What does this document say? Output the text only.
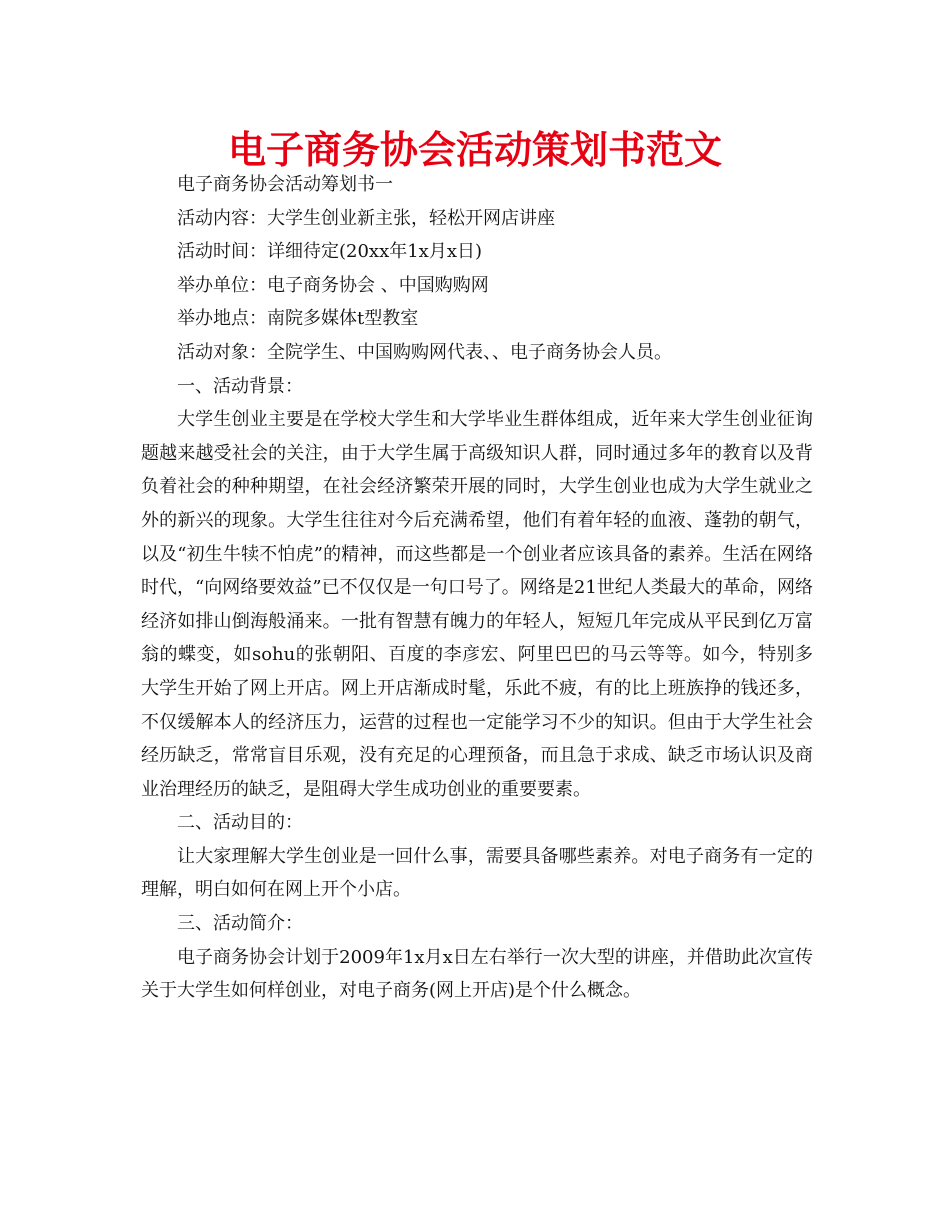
电子商务协会活动策划书范文
电子商务协会活动筹划书一
活动内容：大学生创业新主张，轻松开网店讲座
活动时间：详细待定(20xx年1x月x日)
举办单位：电子商务协会 、中国购购网
举办地点：南院多媒体t型教室
活动对象：全院学生、中国购购网代表、、电子商务协会人员。
一、活动背景：
大学生创业主要是在学校大学生和大学毕业生群体组成，近年来大学生创业征询题越来越受社会的关注，由于大学生属于高级知识人群，同时通过多年的教育以及背负着社会的种种期望，在社会经济繁荣开展的同时，大学生创业也成为大学生就业之外的新兴的现象。大学生往往对今后充满希望，他们有着年轻的血液、蓬勃的朝气，以及“初生牛犊不怕虎”的精神，而这些都是一个创业者应该具备的素养。生活在网络时代，“向网络要效益”已不仅仅是一句口号了。网络是21世纪人类最大的革命，网络经济如排山倒海般涌来。一批有智慧有魄力的年轻人，短短几年完成从平民到亿万富翁的蝶变，如sohu的张朝阳、百度的李彦宏、阿里巴巴的马云等等。如今，特别多大学生开始了网上开店。网上开店渐成时髦，乐此不疲，有的比上班族挣的钱还多，不仅缓解本人的经济压力，运营的过程也一定能学习不少的知识。但由于大学生社会经历缺乏，常常盲目乐观，没有充足的心理预备，而且急于求成、缺乏市场认识及商业治理经历的缺乏，是阻碍大学生成功创业的重要要素。
二、活动目的：
让大家理解大学生创业是一回什么事，需要具备哪些素养。对电子商务有一定的理解，明白如何在网上开个小店。
三、活动简介：
电子商务协会计划于2009年1x月x日左右举行一次大型的讲座，并借助此次宣传关于大学生如何样创业，对电子商务(网上开店)是个什么概念。
